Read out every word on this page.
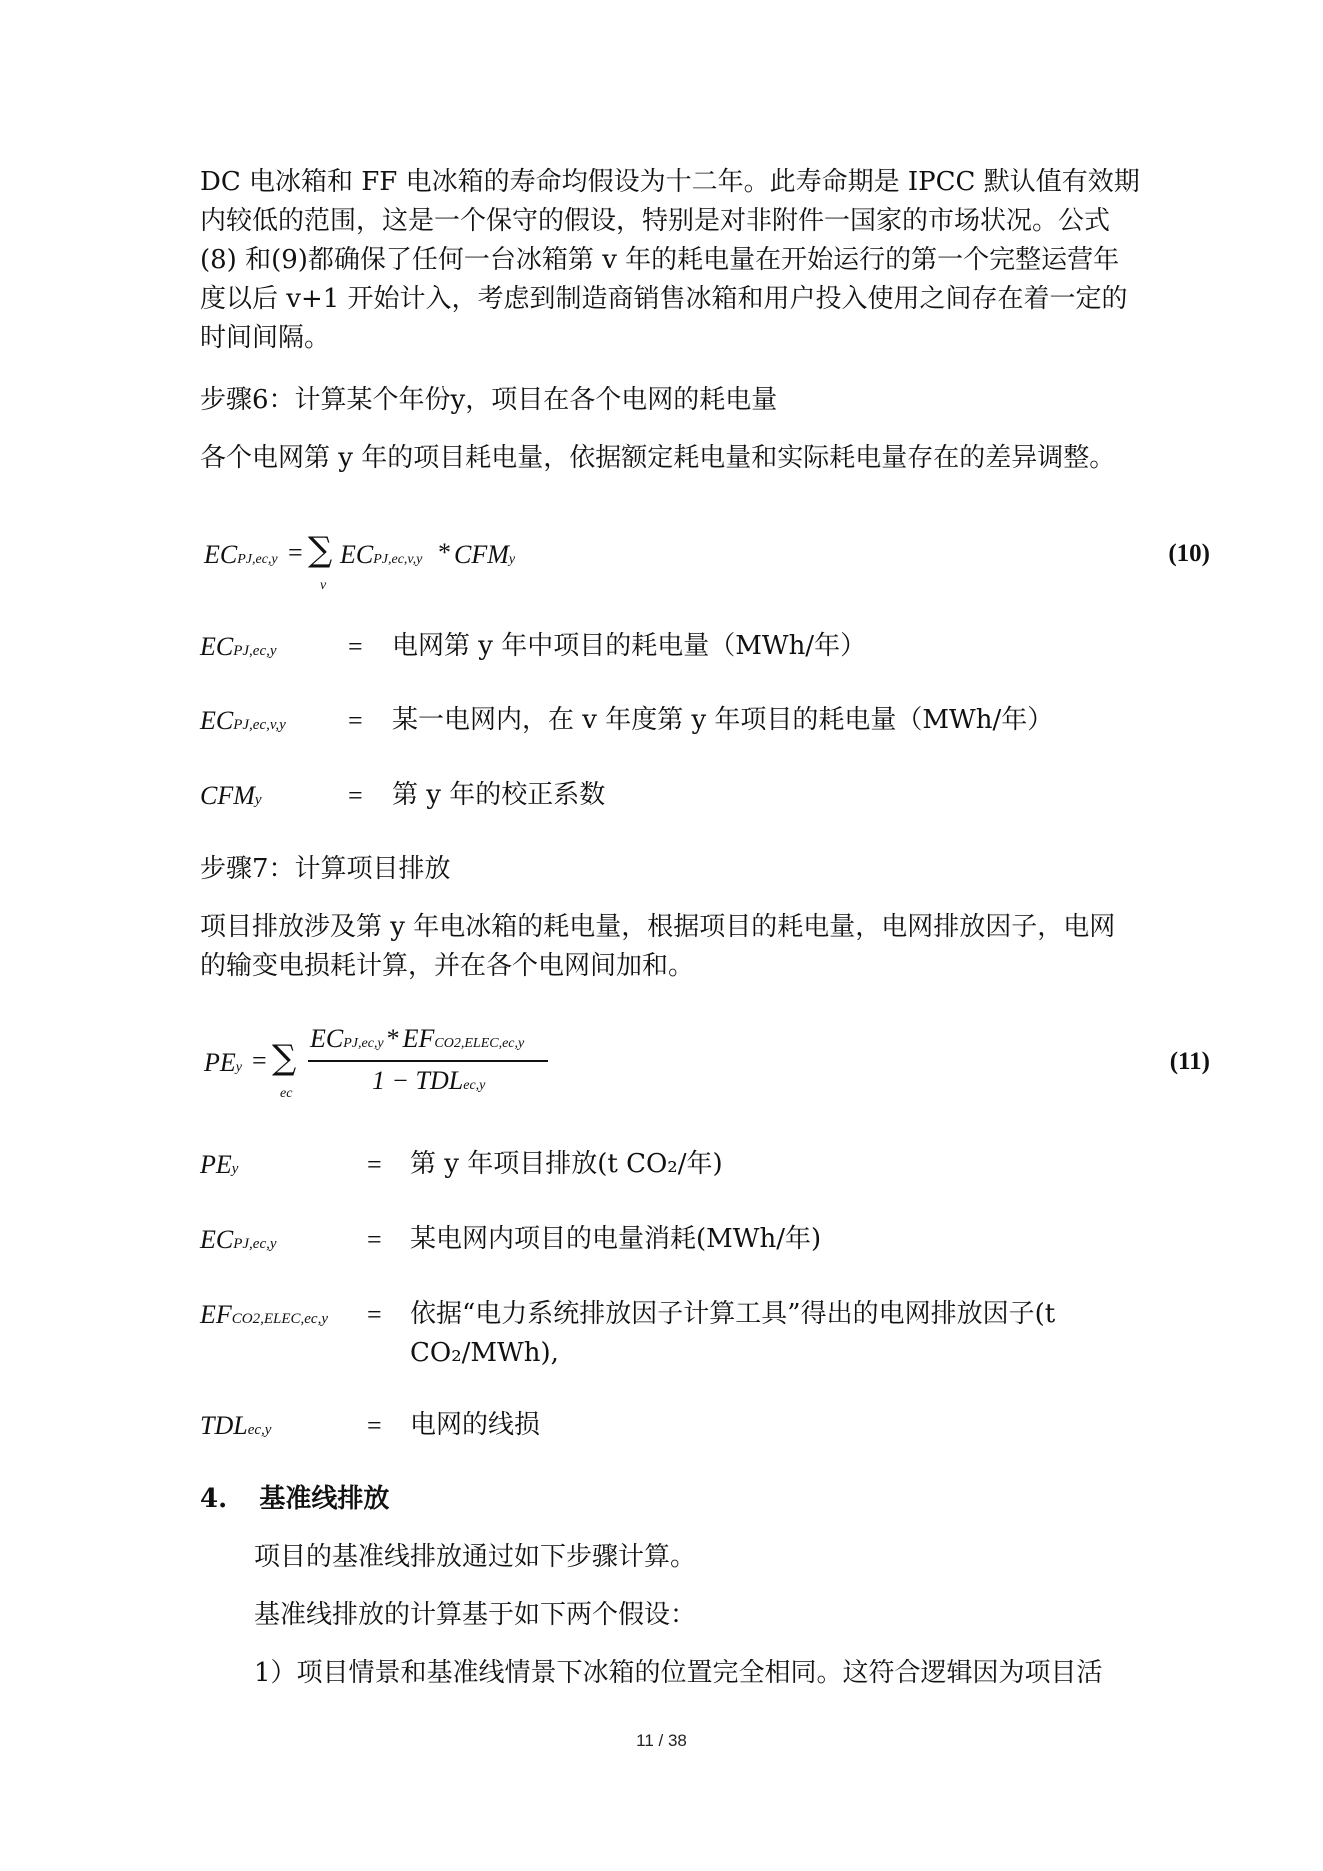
DC 电冰箱和 FF 电冰箱的寿命均假设为十二年。此寿命期是 IPCC 默认值有效期
内较低的范围，这是一个保守的假设，特别是对非附件一国家的市场状况。公式
(8) 和(9)都确保了任何一台冰箱第 v 年的耗电量在开始运行的第一个完整运营年
度以后 v+1 开始计入，考虑到制造商销售冰箱和用户投入使用之间存在着一定的
时间间隔。

步骤6：计算某个年份y，项目在各个电网的耗电量

各个电网第 y 年的项目耗电量，依据额定耗电量和实际耗电量存在的差异调整。

ECPJ,ec,y = ∑
v
ECPJ,ec,v,y * CFMy	(10)
ECPJ,ec,y	= 电网第 y 年中项目的耗电量（MWh/年）
ECPJ,ec,v,y = 某一电网内，在 v 年度第 y 年项目的耗电量（MWh/年）
CFMy	= 第 y 年的校正系数

步骤7：计算项目排放

项目排放涉及第 y 年电冰箱的耗电量，根据项目的耗电量，电网排放因子，电网
的输变电损耗计算，并在各个电网间加和。
PEy = ∑
ec
ECPJ,ec,y * EFCO2,ELEC,ec,y
1 − TDLec,y
(11)
PEy	= 第 y 年项目排放(t CO₂/年)
ECPJ,ec,y	= 某电网内项目的电量消耗(MWh/年)
EFCO2,ELEC,ec,y = 依据“电力系统排放因子计算工具”得出的电网排放因子(t
CO₂/MWh),
TDLec,y	= 电网的线损
4. 基准线排放

项目的基准线排放通过如下步骤计算。

基准线排放的计算基于如下两个假设：

1）项目情景和基准线情景下冰箱的位置完全相同。这符合逻辑因为项目活

11 / 38
